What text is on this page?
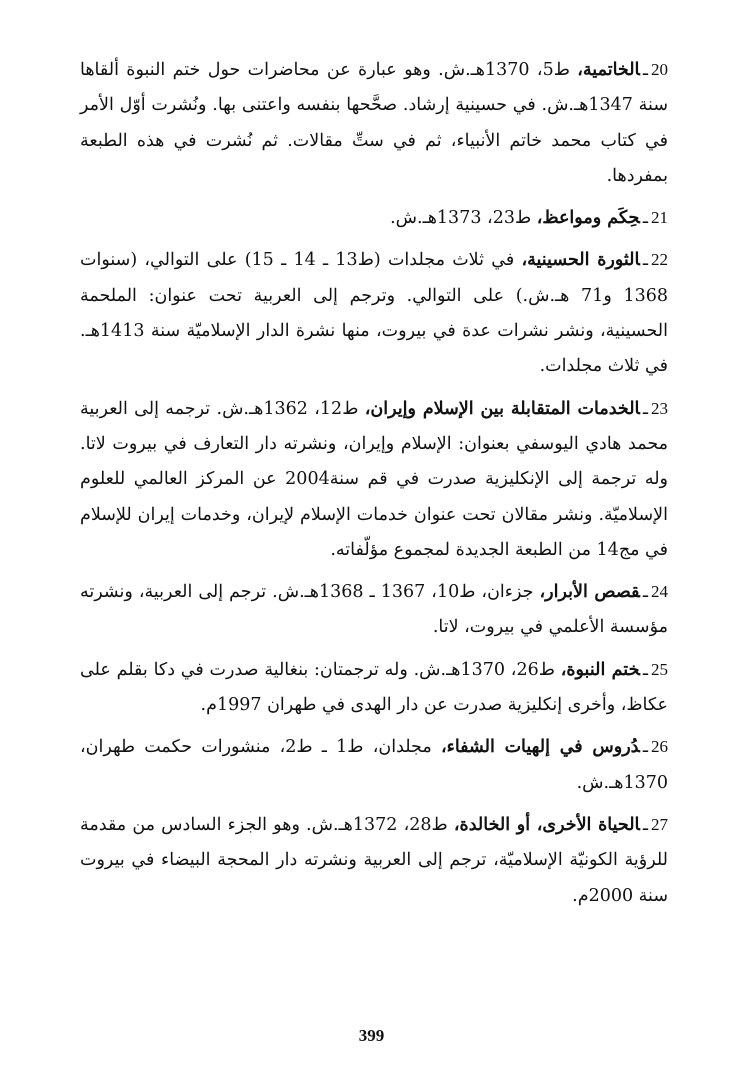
20ـالخاتمية، ط5، 1370هـ.ش. وهو عبارة عن محاضرات حول ختم النبوة ألقاها سنة 1347هـ.ش. في حسينية إرشاد. صحَّحها بنفسه واعتنى بها. ونُشرت أوّل الأمر في كتاب محمد خاتم الأنبياء، ثم في ستِّ مقالات. ثم نُشرت في هذه الطبعة بمفردها.

21ـحِكَم ومواعظ، ط23، 1373هـ.ش.

22ـالثورة الحسينية، في ثلاث مجلدات (ط13 ـ 14 ـ 15) على التوالي، (سنوات 1368 و71 هـ.ش.) على التوالي. وترجم إلى العربية تحت عنوان: الملحمة الحسينية، ونشر نشرات عدة في بيروت، منها نشرة الدار الإسلاميّة سنة 1413هـ. في ثلاث مجلدات.

23ـالخدمات المتقابلة بين الإسلام وإيران، ط12، 1362هـ.ش. ترجمه إلى العربية محمد هادي اليوسفي بعنوان: الإسلام وإيران، ونشرته دار التعارف في بيروت لاتا. وله ترجمة إلى الإنكليزية صدرت في قم سنة2004 عن المركز العالمي للعلوم الإسلاميّة. ونشر مقالان تحت عنوان خدمات الإسلام لإيران، وخدمات إيران للإسلام في مج14 من الطبعة الجديدة لمجموع مؤلّفاته.

24ـقصص الأبرار، جزءان، ط10، 1367 ـ 1368هـ.ش. ترجم إلى العربية، ونشرته مؤسسة الأعلمي في بيروت، لاتا.

25ـختم النبوة، ط26، 1370هـ.ش. وله ترجمتان: بنغالية صدرت في دكا بقلم على عكاظ، وأخرى إنكليزية صدرت عن دار الهدى في طهران 1997م.

26ـدُروس في إلهيات الشفاء، مجلدان، ط1 ـ ط2، منشورات حكمت طهران، 1370هـ.ش.

27ـالحياة الأخرى، أو الخالدة، ط28، 1372هـ.ش. وهو الجزء السادس من مقدمة للرؤية الكونيّة الإسلاميّة، ترجم إلى العربية ونشرته دار المحجة البيضاء في بيروت سنة 2000م.

399
